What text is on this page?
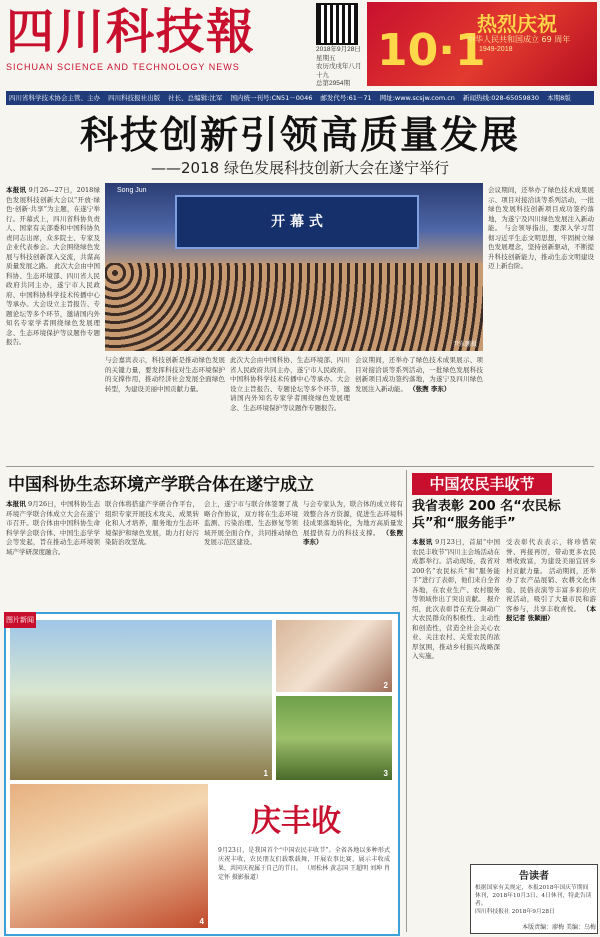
四川科技報
SICHUAN SCIENCE AND TECHNOLOGY NEWS
2018年9月28日
星期五
农历戊戌年八月十九
总第2954期
10·1
热烈庆祝
中华人民共和国成立 69 周年
1949-2018
四川省科学技术协会主管、主办 四川科技报社出版 社长、总编辑:沈军 国内统一刊号:CN51－0046 邮发代号:61－71 网址:www.scsjw.com.cn 新闻热线:028-65059830 本期8版
科技创新引领高质量发展
——2018 绿色发展科技创新大会在遂宁举行
本报讯 9月26—27日，2018绿色发展科技创新大会以“开放·绿色·创新·共享”为主题，在遂宁举行。开幕式上，四川省科协负责人、国家有关部委和中国科协负责同志出席，众多院士、专家及企业代表参会。大会围绕绿色发展与科技创新深入交流，共谋高质量发展之路。 此次大会由中国科协、生态环境部、四川省人民政府共同主办，遂宁市人民政府、中国科协科学技术传播中心等承办。大会设立主旨报告、专题论坛等多个环节，邀请国内外知名专家学者围绕绿色发展理念、生态环境保护等议题作专题报告。
Song Jun
开 幕 式
尹东鹏摄
会议期间，还举办了绿色技术成果展示、项目对接洽谈等系列活动，一批绿色发展科技创新项目成功签约落地，为遂宁及四川绿色发展注入新动能。 与会领导指出，要深入学习贯彻习近平生态文明思想，牢固树立绿色发展理念，坚持创新驱动，不断提升科技创新能力，推动生态文明建设迈上新台阶。
与会嘉宾表示，科技创新是推动绿色发展的关键力量，要发挥科技对生态环境保护的支撑作用，推动经济社会发展全面绿色转型，为建设美丽中国贡献力量。
此次大会由中国科协、生态环境部、四川省人民政府共同主办，遂宁市人民政府、中国科协科学技术传播中心等承办。大会设立主旨报告、专题论坛等多个环节，邀请国内外知名专家学者围绕绿色发展理念、生态环境保护等议题作专题报告。
会议期间，还举办了绿色技术成果展示、项目对接洽谈等系列活动，一批绿色发展科技创新项目成功签约落地，为遂宁及四川绿色发展注入新动能。 （张煦 李东）
中国科协生态环境产学联合体在遂宁成立
本报讯 9月26日，中国科协生态环境产学联合体成立大会在遂宁市召开。联合体由中国科协生命科学学会联合体、中国生态学学会等发起，旨在推动生态环境领域产学研深度融合。
联合体将搭建产学研合作平台，组织专家开展技术攻关、成果转化和人才培养，服务地方生态环境保护和绿色发展，助力打好污染防治攻坚战。
会上，遂宁市与联合体签署了战略合作协议，双方将在生态环境监测、污染治理、生态修复等领域开展全面合作，共同推动绿色发展示范区建设。
与会专家认为，联合体的成立将有效整合各方资源，促进生态环境科技成果落地转化，为地方高质量发展提供有力的科技支撑。 （张煦 李东）
中国农民丰收节
我省表彰 200 名“农民标兵”和“服务能手”
本报讯 9月23日，首届“中国农民丰收节”四川主会场活动在成都举行。活动现场，我省对200名“农民标兵”和“服务能手”进行了表彰，他们来自全省各地，在农业生产、农村服务等领域作出了突出贡献。 据介绍，此次表彰旨在充分调动广大农民群众的积极性、主动性和创造性，营造全社会关心农业、关注农村、关爱农民的浓厚氛围，推动乡村振兴战略深入实施。
受表彰代表表示，将珍惜荣誉、再接再厉，带动更多农民增收致富，为建设美丽宜居乡村贡献力量。 活动期间，还举办了农产品展销、农耕文化体验、民俗表演等丰富多彩的庆祝活动，吸引了大量市民和游客参与，共享丰收喜悦。 （本报记者 张颖丽）
1
2
3
4
庆丰收
9月23日，是我国首个“中国农民丰收节”。全省各地以多种形式庆祝丰收，农民朋友们载歌载舞，开展农事比赛、展示丰收成果，共同庆祝属于自己的节日。 （周松林 黄志国 王超明 刘坤 肖定怀 摄影报道）
图片新闻
告读者
根据国家有关规定，本报2018年国庆节期间休刊，2018年10月3日、4日休刊，特此告读者。
四川科技报社 2018年9月28日
本版责编：廖梅 美编：乌梅
